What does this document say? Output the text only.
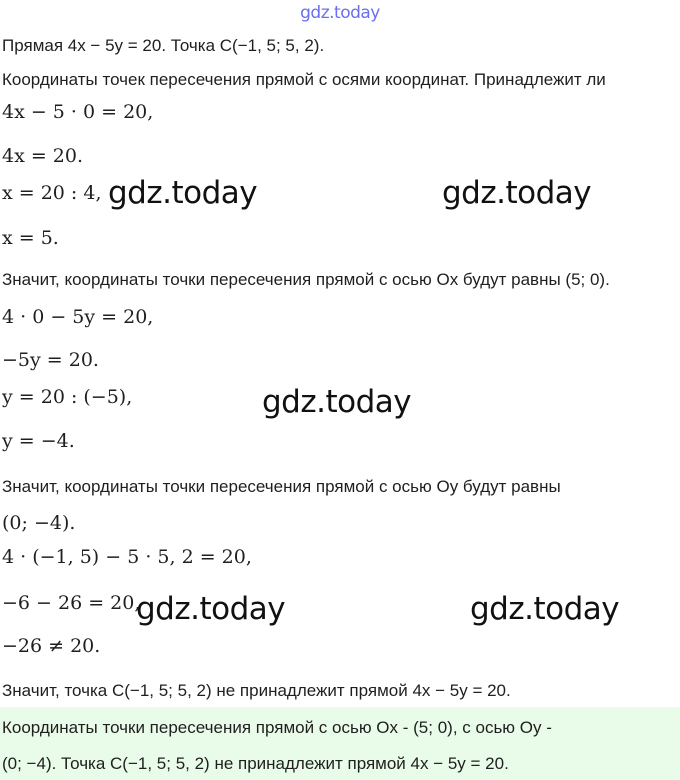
gdz.today
Прямая 4x − 5y = 20. Точка C(−1, 5; 5, 2).
Координаты точек пересечения прямой с осями координат. Принадлежит ли
4x − 5 · 0 = 20,
4x = 20.
x = 20 : 4,
x = 5.
Значит, координаты точки пересечения прямой с осью Ox будут равны (5; 0).
4 · 0 − 5y = 20,
−5y = 20.
y = 20 : (−5),
y = −4.
Значит, координаты точки пересечения прямой с осью Oy будут равны
(0; −4).
4 · (−1, 5) − 5 · 5, 2 = 20,
−6 − 26 = 20,
−26 ≠ 20.
Значит, точка C(−1, 5; 5, 2) не принадлежит прямой 4x − 5y = 20.
Координаты точки пересечения прямой с осью Ox - (5; 0), с осью Oy -
(0; −4). Точка C(−1, 5; 5, 2) не принадлежит прямой 4x − 5y = 20.
gdz.today	gdz.today
gdz.today
gdz.today	gdz.today
